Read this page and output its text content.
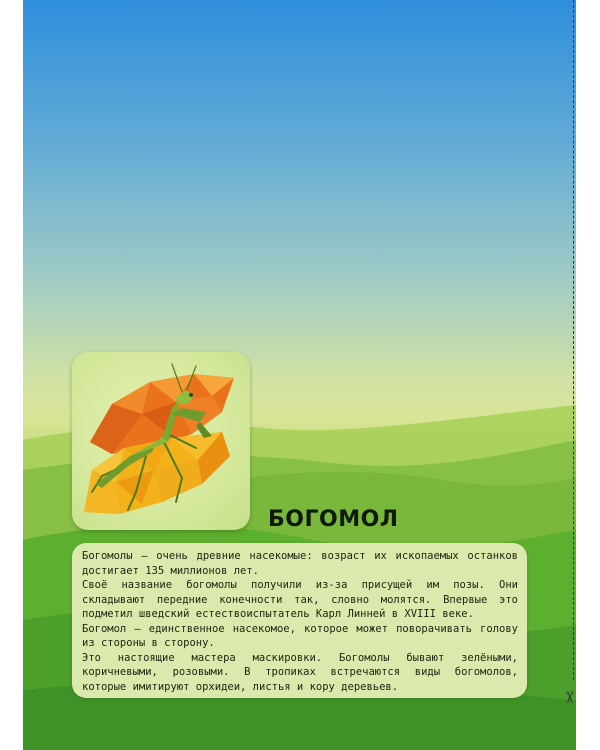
✂
БОГОМОЛ

Богомолы — очень древние насекомые: возраст их ископаемых останков достигает 135 миллионов лет.

Своё название богомолы получили из-за присущей им позы. Они складывают передние конечности так, словно молятся. Впервые это подметил шведский естествоиспытатель Карл Линней в XVIII веке.

Богомол — единственное насекомое, которое может поворачивать голову из стороны в сторону.

Это настоящие мастера маскировки. Богомолы бывают зелёными, коричневыми, розовыми. В тропиках встречаются виды богомолов, которые имитируют орхидеи, листья и кору деревьев.
